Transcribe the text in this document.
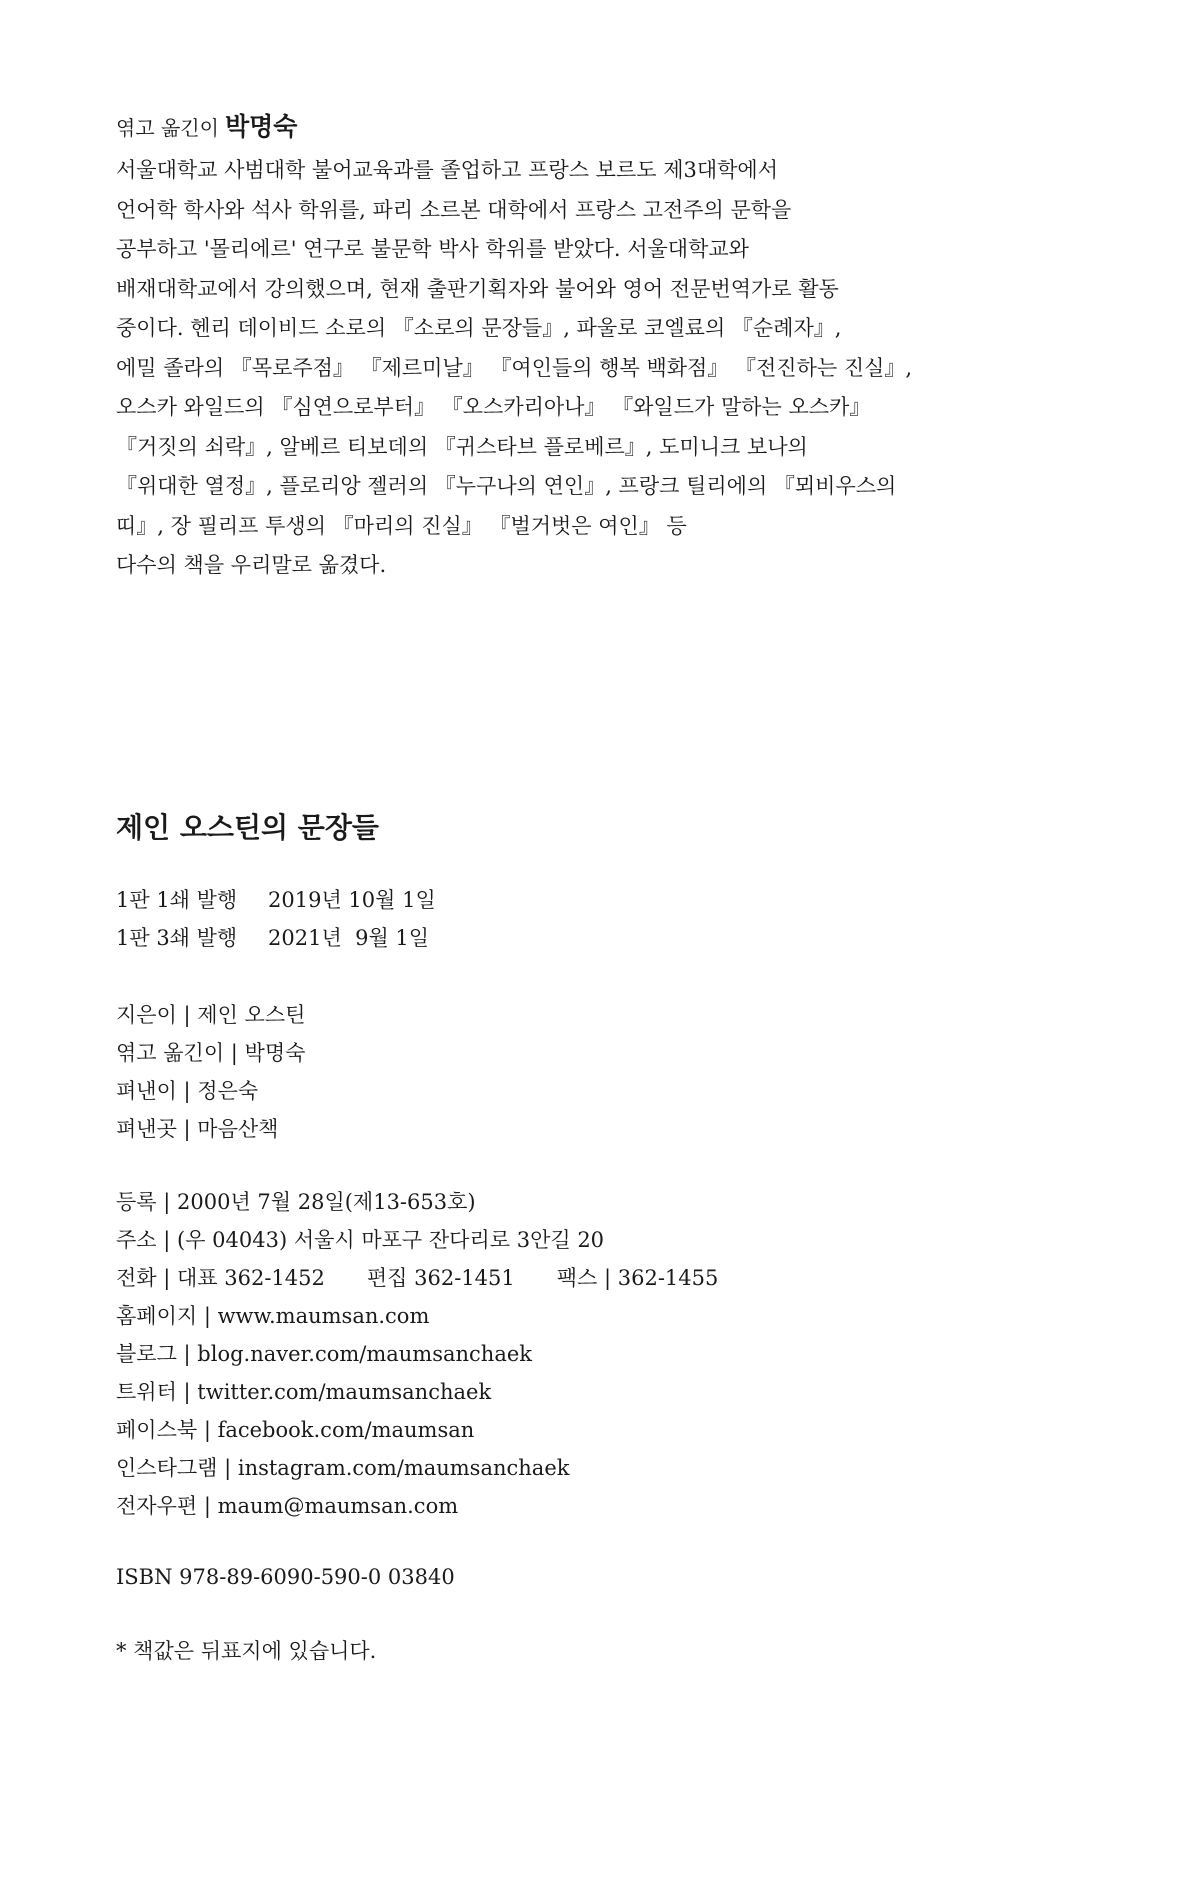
엮고 옮긴이 박명숙
서울대학교 사범대학 불어교육과를 졸업하고 프랑스 보르도 제3대학에서
언어학 학사와 석사 학위를, 파리 소르본 대학에서 프랑스 고전주의 문학을
공부하고 '몰리에르' 연구로 불문학 박사 학위를 받았다. 서울대학교와
배재대학교에서 강의했으며, 현재 출판기획자와 불어와 영어 전문번역가로 활동
중이다. 헨리 데이비드 소로의 『소로의 문장들』, 파울로 코엘료의 『순례자』,
에밀 졸라의 『목로주점』 『제르미날』 『여인들의 행복 백화점』 『전진하는 진실』,
오스카 와일드의 『심연으로부터』 『오스카리아나』 『와일드가 말하는 오스카』
『거짓의 쇠락』, 알베르 티보데의 『귀스타브 플로베르』, 도미니크 보나의
『위대한 열정』, 플로리앙 젤러의 『누구나의 연인』, 프랑크 틸리에의 『뫼비우스의
띠』, 장 필리프 투생의 『마리의 진실』 『벌거벗은 여인』 등
다수의 책을 우리말로 옮겼다.
제인 오스틴의 문장들
1판 1쇄 발행 2019년 10월 1일
1판 3쇄 발행 2021년  9월 1일
지은이 | 제인 오스틴
엮고 옮긴이 | 박명숙
펴낸이 | 정은숙
펴낸곳 | 마음산책
등록 | 2000년 7월 28일(제13-653호)
주소 | (우 04043) 서울시 마포구 잔다리로 3안길 20
전화 | 대표 362-1452 편집 362-1451 팩스 | 362-1455
홈페이지 | www.maumsan.com
블로그 | blog.naver.com/maumsanchaek
트위터 | twitter.com/maumsanchaek
페이스북 | facebook.com/maumsan
인스타그램 | instagram.com/maumsanchaek
전자우편 | maum@maumsan.com
ISBN 978-89-6090-590-0 03840
* 책값은 뒤표지에 있습니다.
